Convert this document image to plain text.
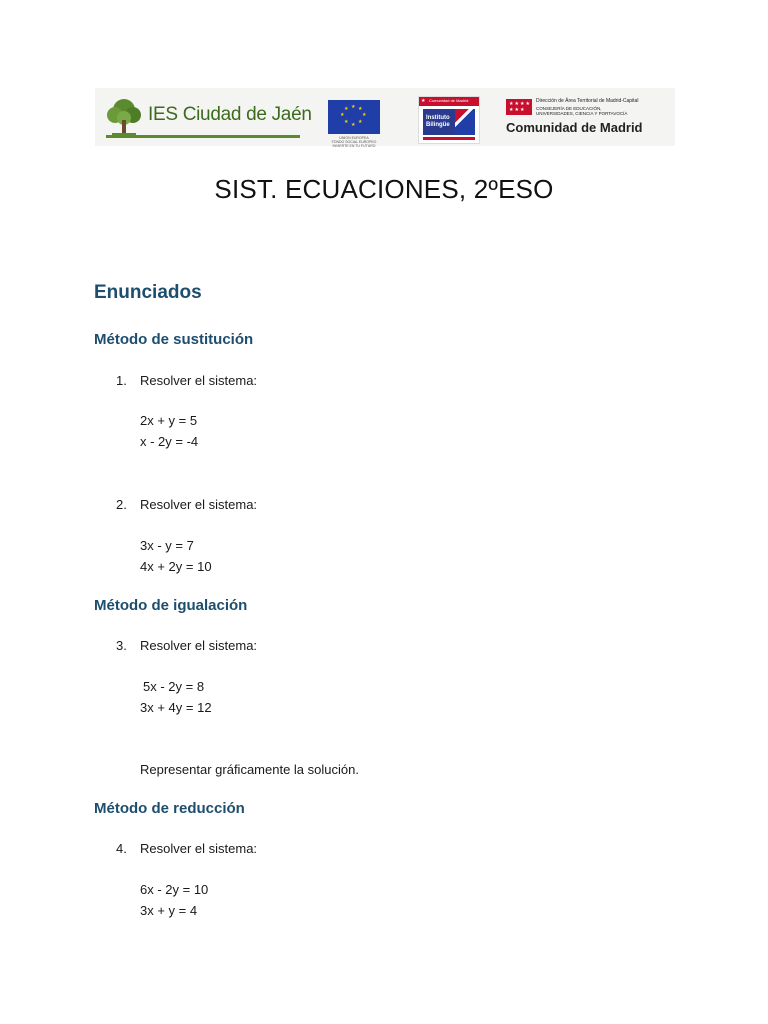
IES Ciudad de Jaén	★ ★
★
★
★
★
★
★
UNIÓN EUROPEA
FONDO SOCIAL EUROPEO
INVIERTE EN TU FUTURO
★ Comunidad de Madrid
Instituto
Bilingüe
★★★★
★★★
Dirección de Área Territorial de Madrid-Capital
CONSEJERÍA DE EDUCACIÓN,
UNIVERSIDADES, CIENCIA Y PORTAVOCÍA
Comunidad de Madrid
SIST. ECUACIONES, 2ºESO
Enunciados
Método de sustitución
1. Resolver el sistema:
2x + y = 5
x - 2y = -4
2. Resolver el sistema:
3x - y = 7
4x + 2y = 10
Método de igualación
3. Resolver el sistema:
5x - 2y = 8
3x + 4y = 12
Representar gráficamente la solución.
Método de reducción
4. Resolver el sistema:
6x - 2y = 10
3x + y = 4
